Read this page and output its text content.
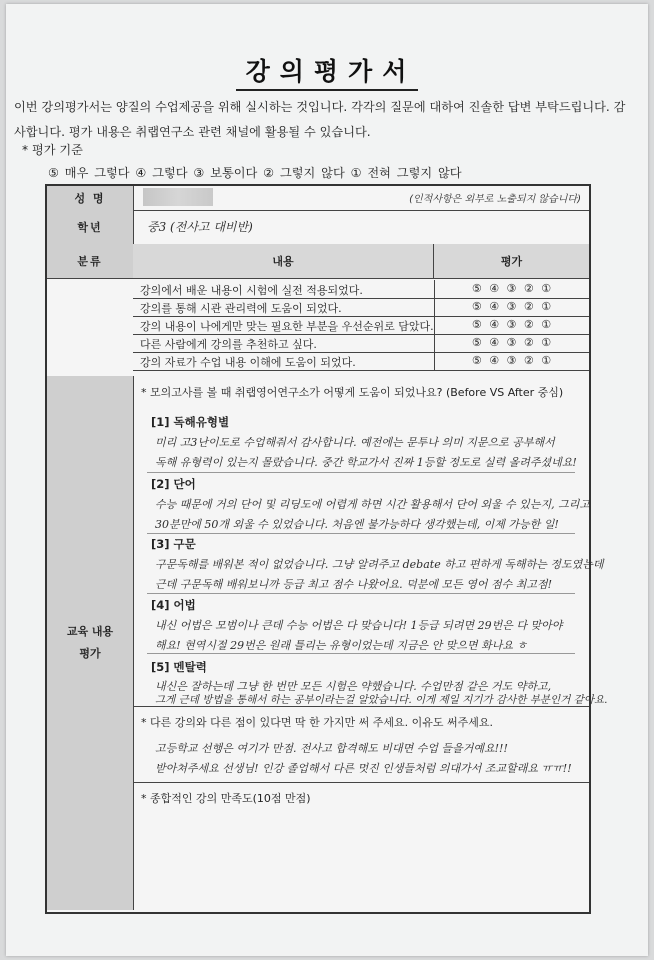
강의평가서
이번 강의평가서는 양질의 수업제공을 위해 실시하는 것입니다. 각각의 질문에 대하여 진솔한 답변 부탁드립니다. 감사합니다. 평가 내용은 취랩연구소 관련 채널에 활용될 수 있습니다.
* 평가 기준
⑤ 매우 그렇다 ④ 그렇다 ③ 보통이다 ② 그렇지 않다 ① 전혀 그렇지 않다
성 명	(인적사항은 외부로 노출되지 않습니다)
학년	중3 (전사고 대비반)
분류	내용	평가
강의에서 배운 내용이 시험에 실전 적용되었다.	⑤ ④ ③ ② ①
강의를 통해 시관 관리력에 도움이 되었다.	⑤ ④ ③ ② ①
강의 내용이 나에게만 맞는 필요한 부분을 우선순위로 담았다.	⑤ ④ ③ ② ①
다른 사람에게 강의를 추천하고 싶다.	⑤ ④ ③ ② ①
강의 자료가 수업 내용 이해에 도움이 되었다.	⑤ ④ ③ ② ①
교육 내용
평가
* 모의고사를 볼 때 취랩영어연구소가 어떻게 도움이 되었나요? (Before VS After 중심)
[1] 독해유형별
미리 고3난이도로 수업해줘서 감사합니다. 예전에는 문투나 의미 지문으로 공부해서
독해 유형력이 있는지 몰랐습니다. 중간 학교가서 진짜 1등할 정도로 실력 올려주셨네요!
[2] 단어
수능 때문에 거의 단어 및 리딩도에 어렵게 하면 시간 활용해서 단어 외울 수 있는지, 그리고
30분만에 50개 외울 수 있었습니다. 처음엔 불가능하다 생각했는데, 이제 가능한 일!
[3] 구문
구문독해를 배워본 적이 없었습니다. 그냥 알려주고 debate 하고 편하게 독해하는 정도였는데
근데 구문독해 배워보니까 등급 최고 점수 나왔어요. 덕분에 모든 영어 점수 최고점!
[4] 어법
내신 어법은 모범이나 큰데 수능 어법은 다 맞습니다! 1등급 되려면 29번은 다 맞아야
해요! 현역시절 29번은 원래 틀리는 유형이었는데 지금은 안 맞으면 화나요 ㅎ
[5] 멘탈력
내신은 잘하는데 그냥 한 번만 모든 시험은 약했습니다. 수업만점 같은 거도 약하고,
그게 근데 방법을 통해서 하는 공부이라는걸 알았습니다. 이게 제일 지기가 감사한 부분인거 같아요.
* 다른 강의와 다른 점이 있다면 딱 한 가지만 써 주세요. 이유도 써주세요.
고등학교 선행은 여기가 만점. 전사고 합격해도 비대면 수업 들을거예요!!!
받아쳐주세요 선생님! 인강 졸업해서 다른 멋진 인생들처럼 의대가서 조교할래요 ㅠㅠ!!
* 종합적인 강의 만족도(10점 만점)
